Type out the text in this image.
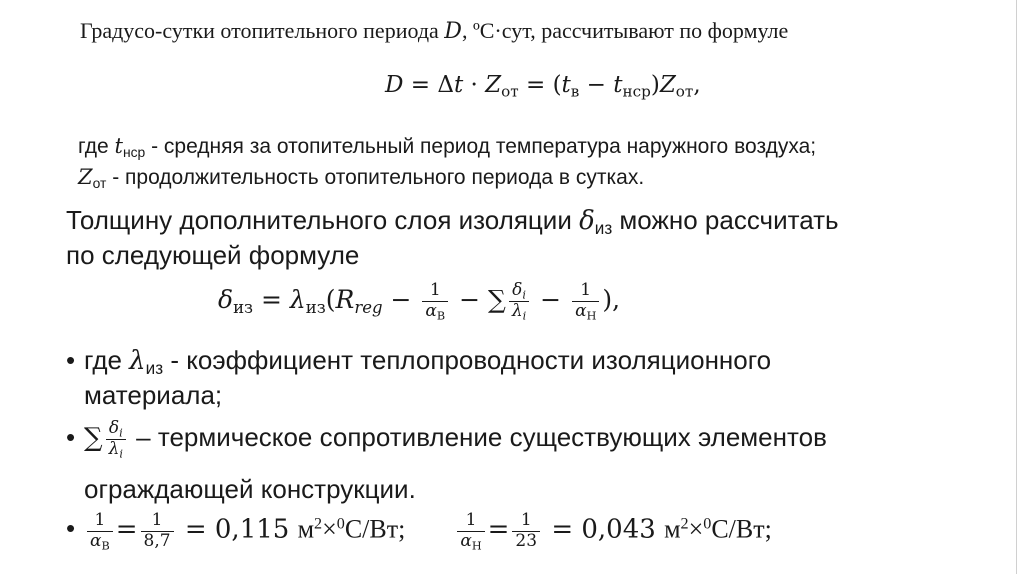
Градусо-сутки отопительного периода D, ºС·сут, рассчитывают по формуле
$D = \Delta t \cdot Z_{от} = (t_в - t_{нср})Z_{от}$,
где $t_{нср}$ - средняя за отопительный период температура наружного воздуха;
$Z_{от}$ - продолжительность отопительного периода в сутках.
Толщину дополнительного слоя изоляции $\delta_{из}$ можно рассчитать
по следующей формуле
$\delta_{из} = \lambda_{из}(R_{reg} - \frac{1}{\alpha_В}$ − ∑ $\frac{\delta_i}{\lambda_i} - \frac{1}{\alpha_Н}$ ),
• где $\lambda_{из}$ - коэффициент теплопроводности изоляционного
материала;
• ∑ $\frac{\delta_i}{\lambda_i}$ – термическое сопротивление существующих элементов
ограждающей конструкции.
• $\frac{1}{\alpha_В} = \frac{1}{8,7} = 0,115$ $м^2\times^0С/Вт$;	$\frac{1}{\alpha_Н} = \frac{1}{23} = 0,043$ $м^2\times^0С/Вт$;
